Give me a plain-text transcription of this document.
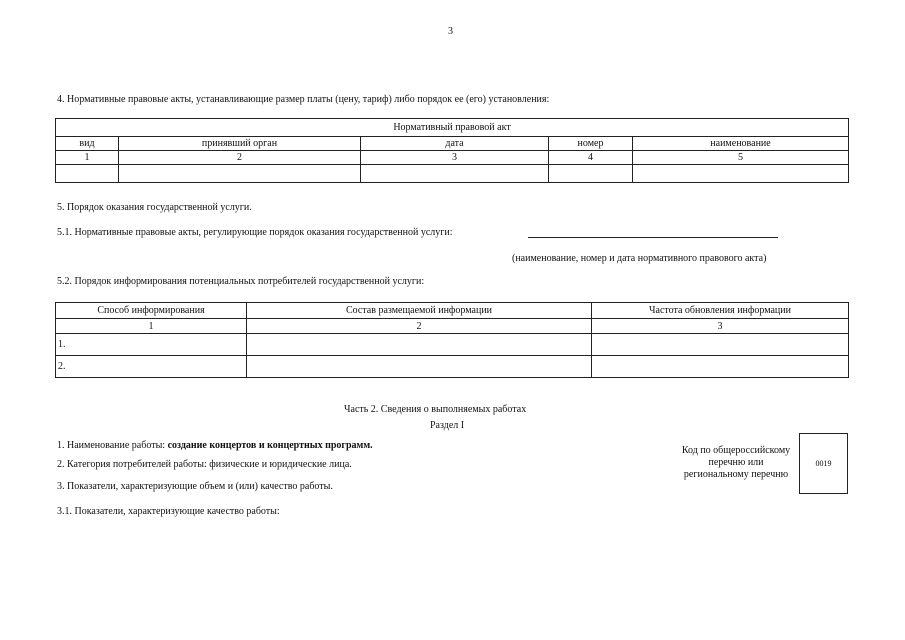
3
4. Нормативные правовые акты, устанавливающие размер платы (цену, тариф) либо порядок ее (его) установления:
Нормативный правовой акт				
вид	принявший орган	дата	номер	наименование
1	2	3	4	5

5. Порядок оказания государственной услуги.
5.1. Нормативные правовые акты, регулирующие порядок оказания государственной услуги:
(наименование, номер и дата нормативного правового акта)
5.2. Порядок информирования потенциальных потребителей государственной услуги:
Способ информирования	Состав размещаемой информации	Частота обновления информации
1	2	3
1.		
2.		
Часть 2. Сведения о выполняемых работах
Раздел I
1. Наименование работы: создание концертов и концертных программ.
2. Категория потребителей работы: физические и юридические лица.
3. Показатели, характеризующие объем и (или) качество работы.
3.1. Показатели, характеризующие качество работы:
Код по общероссийскому
перечню или
региональному перечню
0019
